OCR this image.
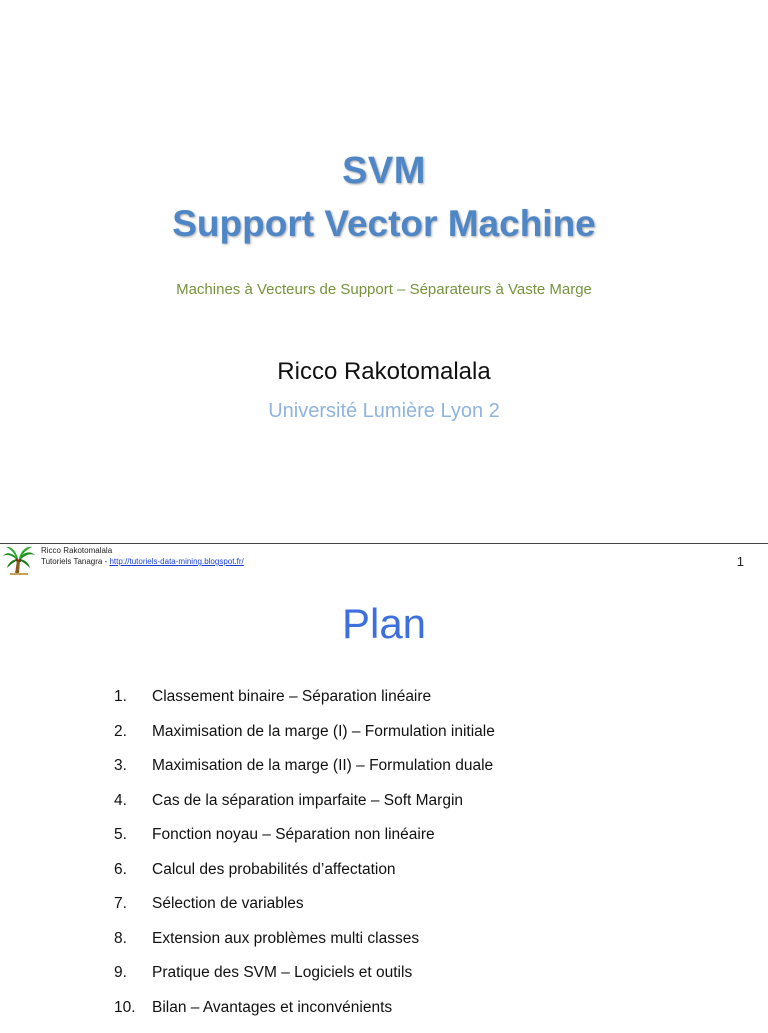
SVM
Support Vector Machine
Machines à Vecteurs de Support – Séparateurs à Vaste Marge
Ricco Rakotomalala
Université Lumière Lyon 2
Ricco Rakotomalala
Tutoriels Tanagra - http://tutoriels-data-mining.blogspot.fr/	1
Plan
1. Classement binaire – Séparation linéaire
2. Maximisation de la marge (I) – Formulation initiale
3. Maximisation de la marge (II) – Formulation duale
4. Cas de la séparation imparfaite – Soft Margin
5. Fonction noyau – Séparation non linéaire
6. Calcul des probabilités d’affectation
7. Sélection de variables
8. Extension aux problèmes multi classes
9. Pratique des SVM – Logiciels et outils
10. Bilan – Avantages et inconvénients
